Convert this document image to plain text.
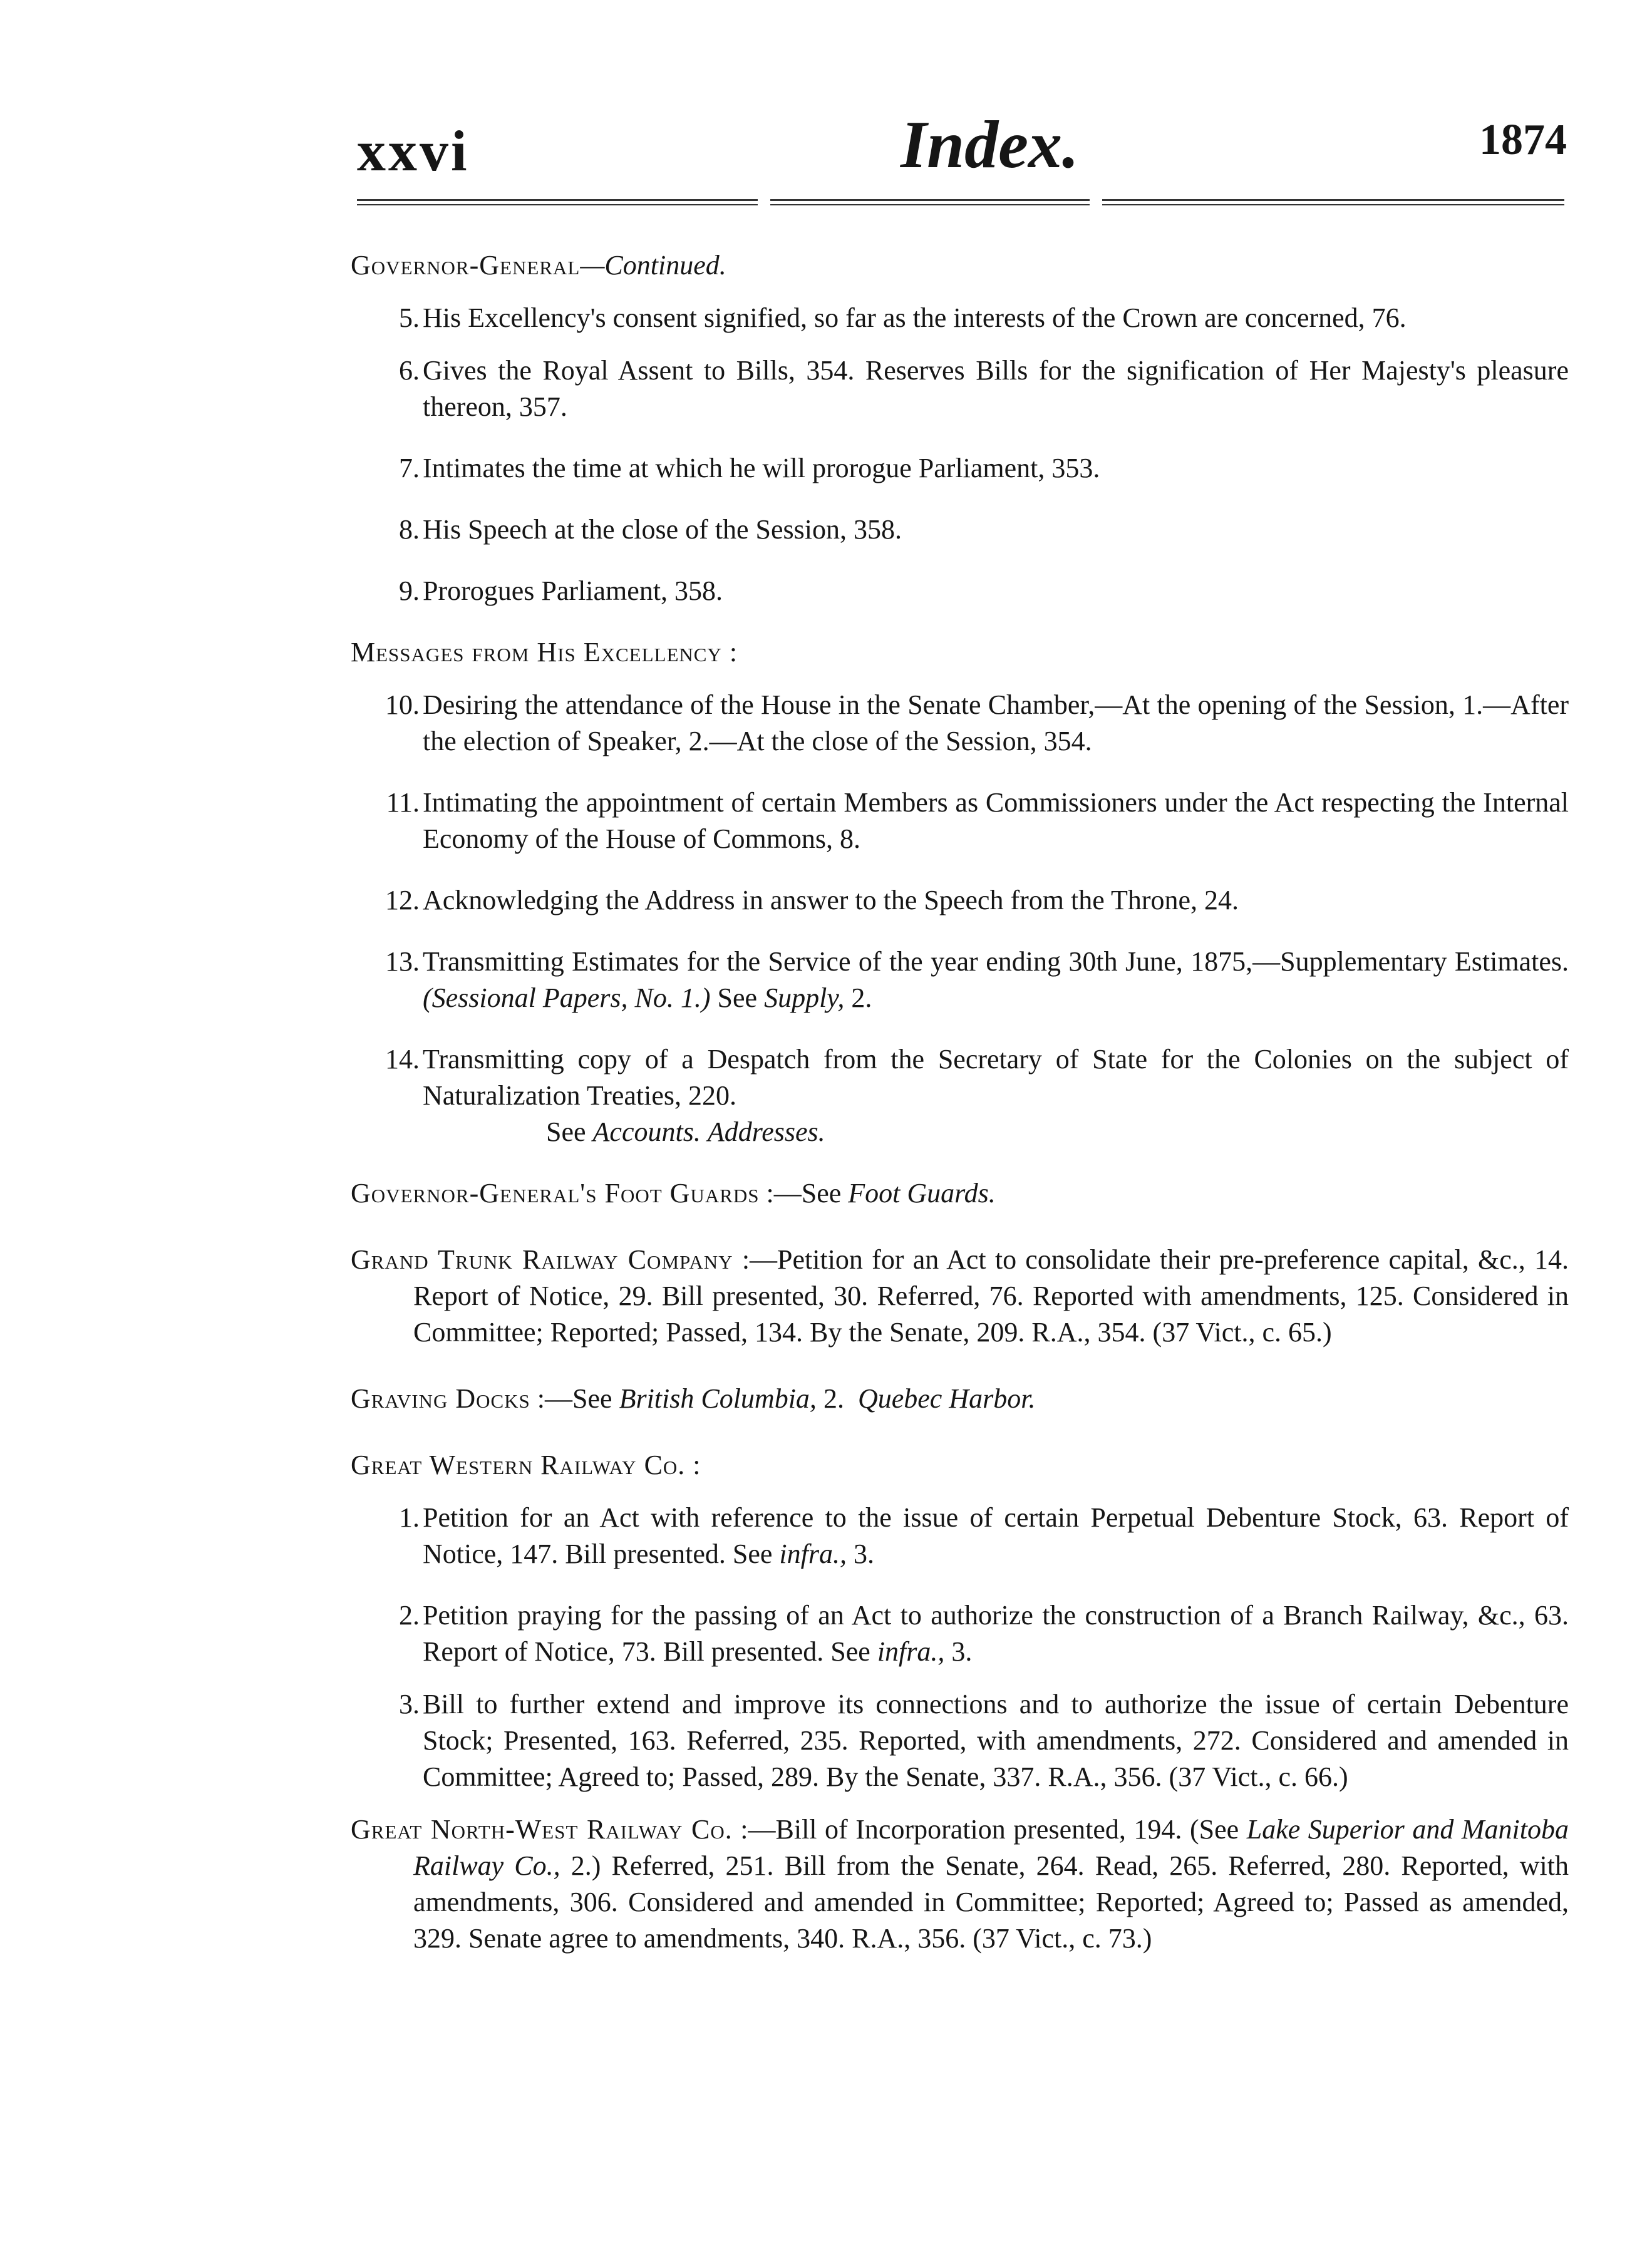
xxvi	Index.	1874

Governor-General—Continued.

5. His Excellency's consent signified, so far as the interests of the Crown are concerned, 76.
6. Gives the Royal Assent to Bills, 354. Reserves Bills for the signification of Her Majesty's pleasure thereon, 357.
7. Intimates the time at which he will prorogue Parliament, 353.
8. His Speech at the close of the Session, 358.
9. Prorogues Parliament, 358.

Messages from His Excellency :

10. Desiring the attendance of the House in the Senate Chamber,—At the opening of the Session, 1.—After the election of Speaker, 2.—At the close of the Session, 354.
11. Intimating the appointment of certain Members as Commissioners under the Act respecting the Internal Economy of the House of Commons, 8.
12. Acknowledging the Address in answer to the Speech from the Throne, 24.
13. Transmitting Estimates for the Service of the year ending 30th June, 1875,—Supplementary Estimates. (Sessional Papers, No. 1.) See Supply, 2.
14. Transmitting copy of a Despatch from the Secretary of State for the Colonies on the subject of Naturalization Treaties, 220.
See Accounts. Addresses.

Governor-General's Foot Guards :—See Foot Guards.

Grand Trunk Railway Company :—Petition for an Act to consolidate their pre-preference capital, &c., 14. Report of Notice, 29. Bill presented, 30. Referred, 76. Reported with amendments, 125. Considered in Committee; Reported; Passed, 134. By the Senate, 209. R.A., 354. (37 Vict., c. 65.)

Graving Docks :—See British Columbia, 2. Quebec Harbor.

Great Western Railway Co. :

1. Petition for an Act with reference to the issue of certain Perpetual Debenture Stock, 63. Report of Notice, 147. Bill presented. See infra., 3.
2. Petition praying for the passing of an Act to authorize the construction of a Branch Railway, &c., 63. Report of Notice, 73. Bill presented. See infra., 3.
3. Bill to further extend and improve its connections and to authorize the issue of certain Debenture Stock; Presented, 163. Referred, 235. Reported, with amendments, 272. Considered and amended in Committee; Agreed to; Passed, 289. By the Senate, 337. R.A., 356. (37 Vict., c. 66.)
Great North-West Railway Co. :—Bill of Incorporation presented, 194. (See Lake Superior and Manitoba Railway Co., 2.) Referred, 251. Bill from the Senate, 264. Read, 265. Referred, 280. Reported, with amendments, 306. Considered and amended in Committee; Reported; Agreed to; Passed as amended, 329. Senate agree to amendments, 340. R.A., 356. (37 Vict., c. 73.)
